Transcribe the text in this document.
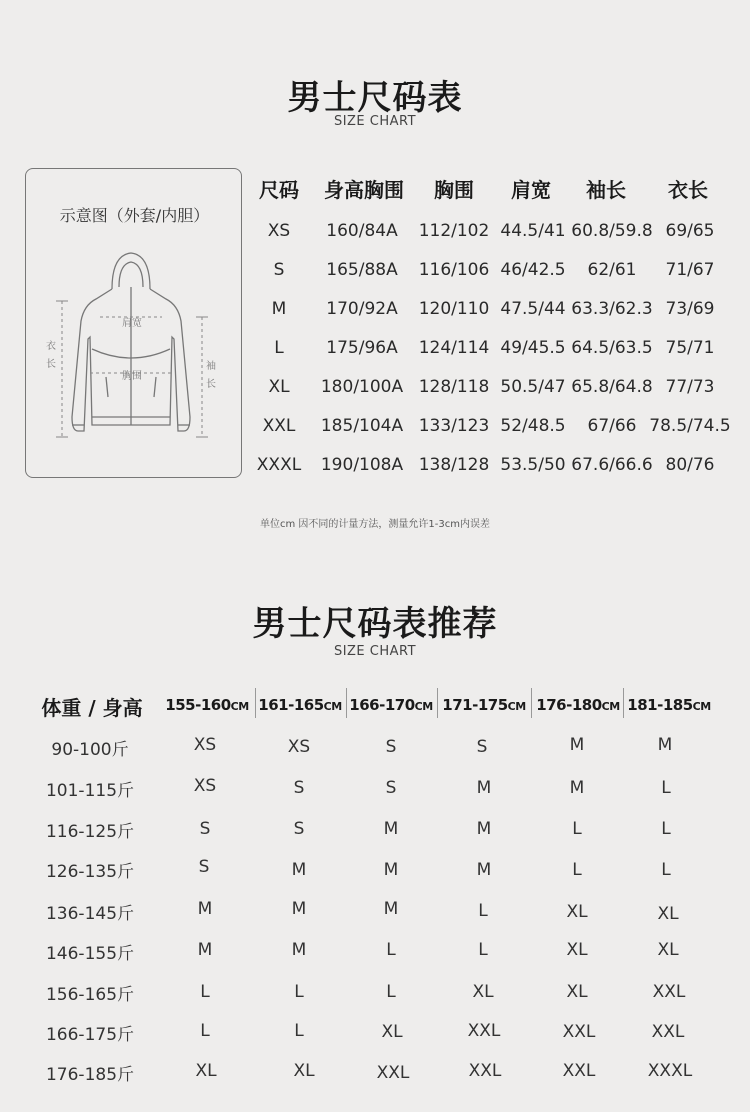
男士尺码表
SIZE CHART
示意图（外套/内胆）
肩宽
胸围
衣
长	袖
长
尺码 身高胸围 胸围 肩宽 袖长 衣长
XS 160/84A 112/102 44.5/41 60.8/59.8 69/65
S 165/88A 116/106 46/42.5 62/61 71/67
M 170/92A 120/110 47.5/44 63.3/62.3 73/69
L	175/96A 124/114 49/45.5 64.5/63.5 75/71
XL 180/100A 128/118 50.5/47 65.8/64.8 77/73
XXL 185/104A 133/123 52/48.5 67/66 78.5/74.5
XXXL 190/108A 138/128 53.5/50 67.6/66.6 80/76
单位cm 因不同的计量方法，测量允许1-3cm内误差
男士尺码表推荐
SIZE CHART
体重 / 身高 155-160CM 161-165CM 166-170CM 171-175CM 176-180CM 181-185CM
90-100斤	XS	XS	S	S	M	M
101-115斤	XS	S	S	M	M	L
116-125斤	S	S	M	M	L	L
126-135斤	S	M	M	M	L	L
136-145斤	M	M	M	L	XL	XL
146-155斤	M	M	L	L	XL	XL
156-165斤	L	L	L	XL	XL	XXL
166-175斤	L	L	XL	XXL	XXL	XXL
176-185斤	XL	XL	XXL	XXL	XXL	XXXL
